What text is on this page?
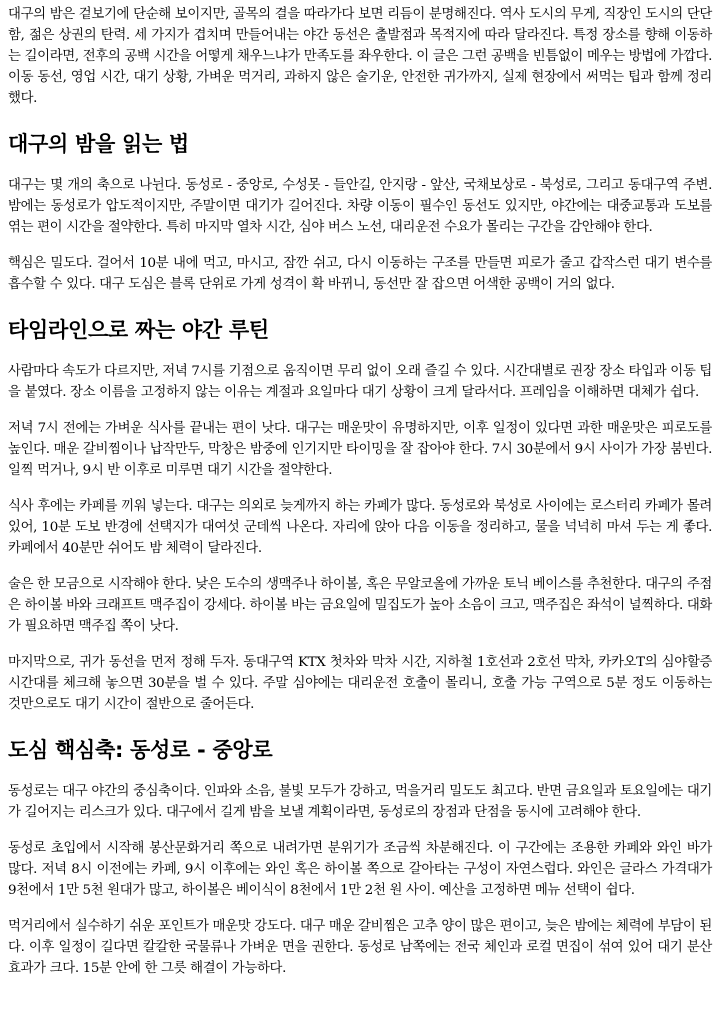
대구의 밤은 겉보기에 단순해 보이지만, 골목의 결을 따라가다 보면 리듬이 분명해진다. 역사 도시의 무게, 직장인 도시의 단단함, 젊은 상권의 탄력. 세 가지가 겹치며 만들어내는 야간 동선은 출발점과 목적지에 따라 달라진다. 특정 장소를 향해 이동하는 길이라면, 전후의 공백 시간을 어떻게 채우느냐가 만족도를 좌우한다. 이 글은 그런 공백을 빈틈없이 메우는 방법에 가깝다. 이동 동선, 영업 시간, 대기 상황, 가벼운 먹거리, 과하지 않은 술기운, 안전한 귀가까지, 실제 현장에서 써먹는 팁과 함께 정리했다.

대구의 밤을 읽는 법

대구는 몇 개의 축으로 나뉜다. 동성로 - 중앙로, 수성못 - 들안길, 안지랑 - 앞산, 국채보상로 - 북성로, 그리고 동대구역 주변. 밤에는 동성로가 압도적이지만, 주말이면 대기가 길어진다. 차량 이동이 필수인 동선도 있지만, 야간에는 대중교통과 도보를 엮는 편이 시간을 절약한다. 특히 마지막 열차 시간, 심야 버스 노선, 대리운전 수요가 몰리는 구간을 감안해야 한다.

핵심은 밀도다. 걸어서 10분 내에 먹고, 마시고, 잠깐 쉬고, 다시 이동하는 구조를 만들면 피로가 줄고 갑작스런 대기 변수를 흡수할 수 있다. 대구 도심은 블록 단위로 가게 성격이 확 바뀌니, 동선만 잘 잡으면 어색한 공백이 거의 없다.

타임라인으로 짜는 야간 루틴

사람마다 속도가 다르지만, 저녁 7시를 기점으로 움직이면 무리 없이 오래 즐길 수 있다. 시간대별로 권장 장소 타입과 이동 팁을 붙였다. 장소 이름을 고정하지 않는 이유는 계절과 요일마다 대기 상황이 크게 달라서다. 프레임을 이해하면 대체가 쉽다.

저녁 7시 전에는 가벼운 식사를 끝내는 편이 낫다. 대구는 매운맛이 유명하지만, 이후 일정이 있다면 과한 매운맛은 피로도를 높인다. 매운 갈비찜이나 납작만두, 막창은 밤중에 인기지만 타이밍을 잘 잡아야 한다. 7시 30분에서 9시 사이가 가장 붐빈다. 일찍 먹거나, 9시 반 이후로 미루면 대기 시간을 절약한다.

식사 후에는 카페를 끼워 넣는다. 대구는 의외로 늦게까지 하는 카페가 많다. 동성로와 북성로 사이에는 로스터리 카페가 몰려 있어, 10분 도보 반경에 선택지가 대여섯 군데씩 나온다. 자리에 앉아 다음 이동을 정리하고, 물을 넉넉히 마셔 두는 게 좋다. 카페에서 40분만 쉬어도 밤 체력이 달라진다.

술은 한 모금으로 시작해야 한다. 낮은 도수의 생맥주나 하이볼, 혹은 무알코올에 가까운 토닉 베이스를 추천한다. 대구의 주점은 하이볼 바와 크래프트 맥주집이 강세다. 하이볼 바는 금요일에 밀집도가 높아 소음이 크고, 맥주집은 좌석이 널찍하다. 대화가 필요하면 맥주집 쪽이 낫다.

마지막으로, 귀가 동선을 먼저 정해 두자. 동대구역 KTX 첫차와 막차 시간, 지하철 1호선과 2호선 막차, 카카오T의 심야할증 시간대를 체크해 놓으면 30분을 벌 수 있다. 주말 심야에는 대리운전 호출이 몰리니, 호출 가능 구역으로 5분 정도 이동하는 것만으로도 대기 시간이 절반으로 줄어든다.

도심 핵심축: 동성로 - 중앙로

동성로는 대구 야간의 중심축이다. 인파와 소음, 불빛 모두가 강하고, 먹을거리 밀도도 최고다. 반면 금요일과 토요일에는 대기가 길어지는 리스크가 있다. 대구에서 길게 밤을 보낼 계획이라면, 동성로의 장점과 단점을 동시에 고려해야 한다.

동성로 초입에서 시작해 봉산문화거리 쪽으로 내려가면 분위기가 조금씩 차분해진다. 이 구간에는 조용한 카페와 와인 바가 많다. 저녁 8시 이전에는 카페, 9시 이후에는 와인 혹은 하이볼 쪽으로 갈아타는 구성이 자연스럽다. 와인은 글라스 가격대가 9천에서 1만 5천 원대가 많고, 하이볼은 베이식이 8천에서 1만 2천 원 사이. 예산을 고정하면 메뉴 선택이 쉽다.

먹거리에서 실수하기 쉬운 포인트가 매운맛 강도다. 대구 매운 갈비찜은 고추 양이 많은 편이고, 늦은 밤에는 체력에 부담이 된다. 이후 일정이 길다면 칼칼한 국물류나 가벼운 면을 권한다. 동성로 남쪽에는 전국 체인과 로컬 면집이 섞여 있어 대기 분산 효과가 크다. 15분 안에 한 그릇 해결이 가능하다.
